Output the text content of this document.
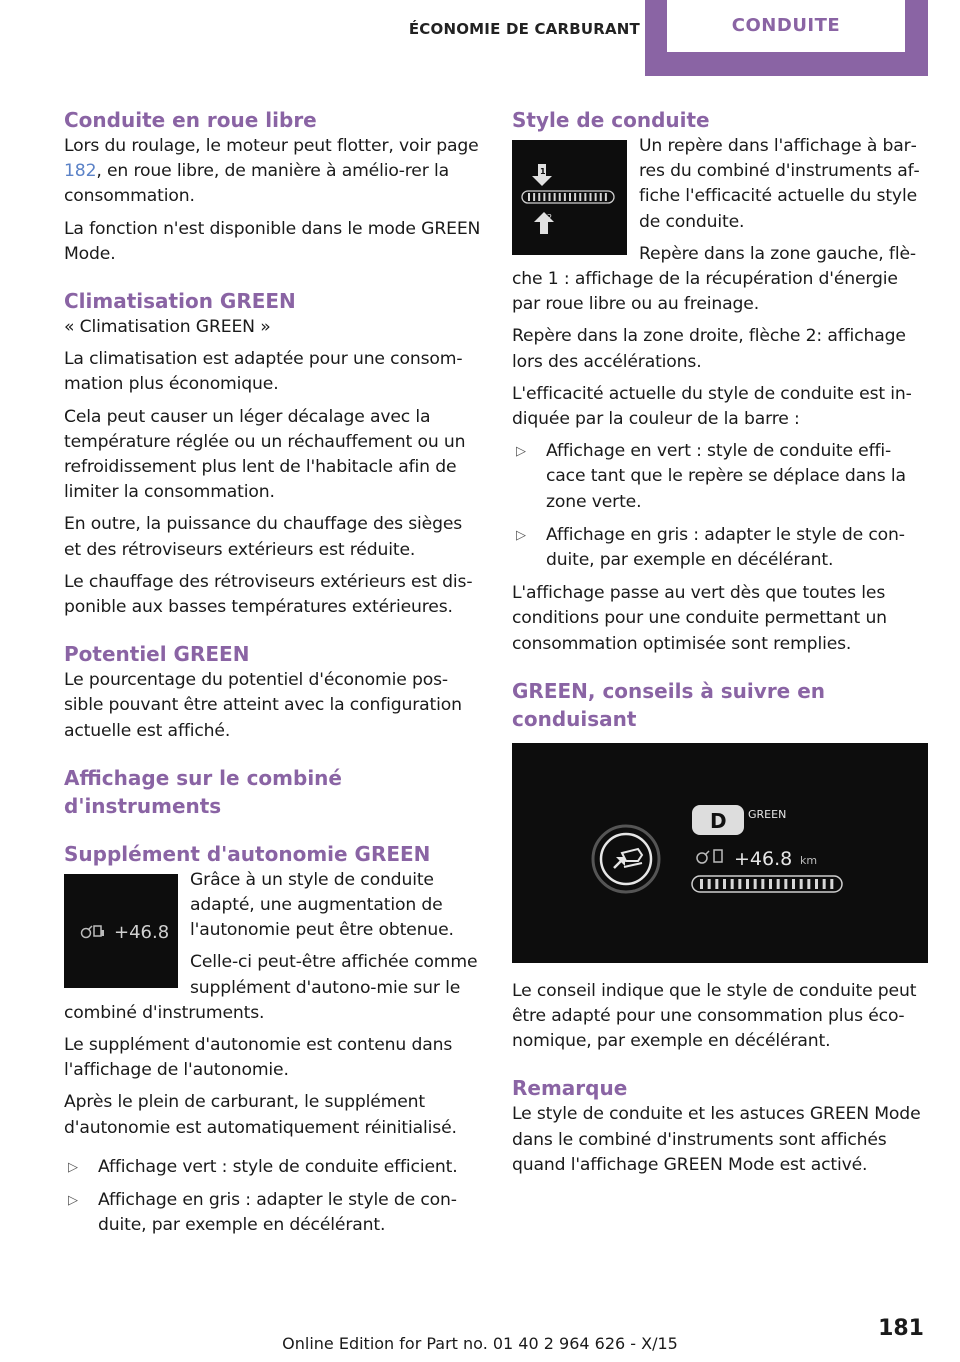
ÉCONOMIE DE CARBURANT	CONDUITE
Conduite en roue libre

Lors du roulage, le moteur peut flotter, voir page 182, en roue libre, de manière à amélio‐rer la consommation.

La fonction n'est disponible dans le mode GREEN Mode.

Climatisation GREEN

« Climatisation GREEN »

La climatisation est adaptée pour une consom‐mation plus économique.

Cela peut causer un léger décalage avec la température réglée ou un réchauffement ou un refroidissement plus lent de l'habitacle afin de limiter la consommation.

En outre, la puissance du chauffage des sièges et des rétroviseurs extérieurs est réduite.

Le chauffage des rétroviseurs extérieurs est dis‐ponible aux basses températures extérieures.

Potentiel GREEN

Le pourcentage du potentiel d'économie pos‐sible pouvant être atteint avec la configuration actuelle est affiché.

Affichage sur le combiné d'instruments
Supplément d'autonomie GREEN
+46.8

Grâce à un style de conduite adapté, une augmentation de l'autonomie peut être obtenue.

Celle-ci peut-être affichée comme supplément d'autono‐mie sur le combiné d'instruments.

Le supplément d'autonomie est contenu dans l'affichage de l'autonomie.

Après le plein de carburant, le supplément d'autonomie est automatiquement réinitialisé.

▷ Affichage vert : style de conduite efficient.
▷ Affichage en gris : adapter le style de con‐duite, par exemple en décélérant.
Style de conduite
1
2

Un repère dans l'affichage à bar‐res du combiné d'instruments af‐fiche l'efficacité actuelle du style de conduite.

Repère dans la zone gauche, flè‐che 1 : affichage de la récupération d'énergie par roue libre ou au freinage.

Repère dans la zone droite, flèche 2: affichage lors des accélérations.

L'efficacité actuelle du style de conduite est in‐diquée par la couleur de la barre :

▷ Affichage en vert : style de conduite effi‐cace tant que le repère se déplace dans la zone verte.
▷ Affichage en gris : adapter le style de con‐duite, par exemple en décélérant.

L'affichage passe au vert dès que toutes les conditions pour une conduite permettant un consommation optimisée sont remplies.

GREEN, conseils à suivre en conduisant
D GREEN
+46.8 km

Le conseil indique que le style de conduite peut être adapté pour une consommation plus éco‐nomique, par exemple en décélérant.

Remarque

Le style de conduite et les astuces GREEN Mode dans le combiné d'instruments sont affichés quand l'affichage GREEN Mode est activé.

181
Online Edition for Part no. 01 40 2 964 626 - X/15
